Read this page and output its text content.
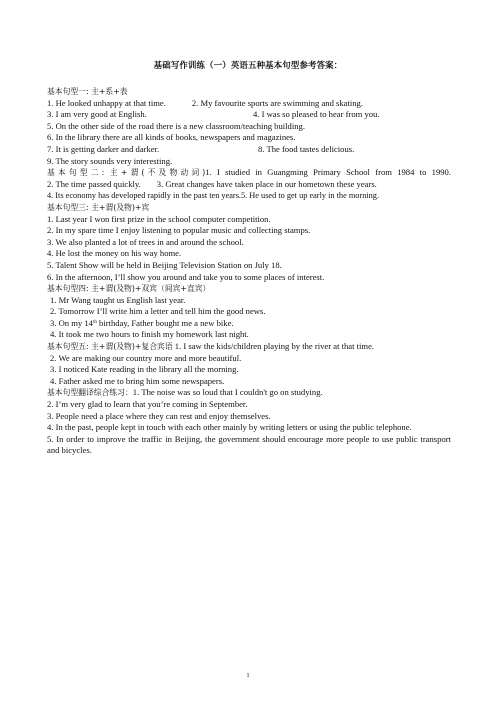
基础写作训练（一）英语五种基本句型参考答案：
基本句型一: 主+系+表
1. He looked unhappy at that time.	2. My favourite sports are swimming and skating.
3. I am very good at English.	4. I was so pleased to hear from you.
5. On the other side of the road there is a new classroom/teaching building.
6. In the library there are all kinds of books, newspapers and magazines.
7. It is getting darker and darker.	8. The food tastes delicious.
9. The story sounds very interesting.
基本句型二: 主+谓(不及物动词)1. I studied in Guangming Primary School from 1984 to 1990.
2. The time passed quickly. 3. Great changes have taken place in our hometown these years.
4. Its economy has developed rapidly in the past ten years.5. He used to get up early in the morning.
基本句型三: 主+谓(及物)+宾
1. Last year I won first prize in the school computer competition.
2. In my spare time I enjoy listening to popular music and collecting stamps.
3. We also planted a lot of trees in and around the school.
4. He lost the money on his way home.
5. Talent Show will be held in Beijing Television Station on July 18.
6. In the afternoon, I’ll show you around and take you to some places of interest.
基本句型四: 主+谓(及物)+双宾（间宾+直宾）
1. Mr Wang taught us English last year.
2. Tomorrow I’ll write him a letter and tell him the good news.
3. On my 14th birthday, Father bought me a new bike.
4. It took me two hours to finish my homework last night.
基本句型五: 主+谓(及物)+复合宾语 1. I saw the kids/children playing by the river at that time.
2. We are making our country more and more beautiful.
3. I noticed Kate reading in the library all the morning.
4. Father asked me to bring him some newspapers.
基本句型翻译综合练习：1. The noise was so loud that I couldn't go on studying.
2. I’m very glad to learn that you’re coming in September.
3. People need a place where they can rest and enjoy themselves.
4. In the past, people kept in touch with each other mainly by writing letters or using the public telephone.
5. In order to improve the traffic in Beijing, the government should encourage more people to use public transport and bicycles.
1
